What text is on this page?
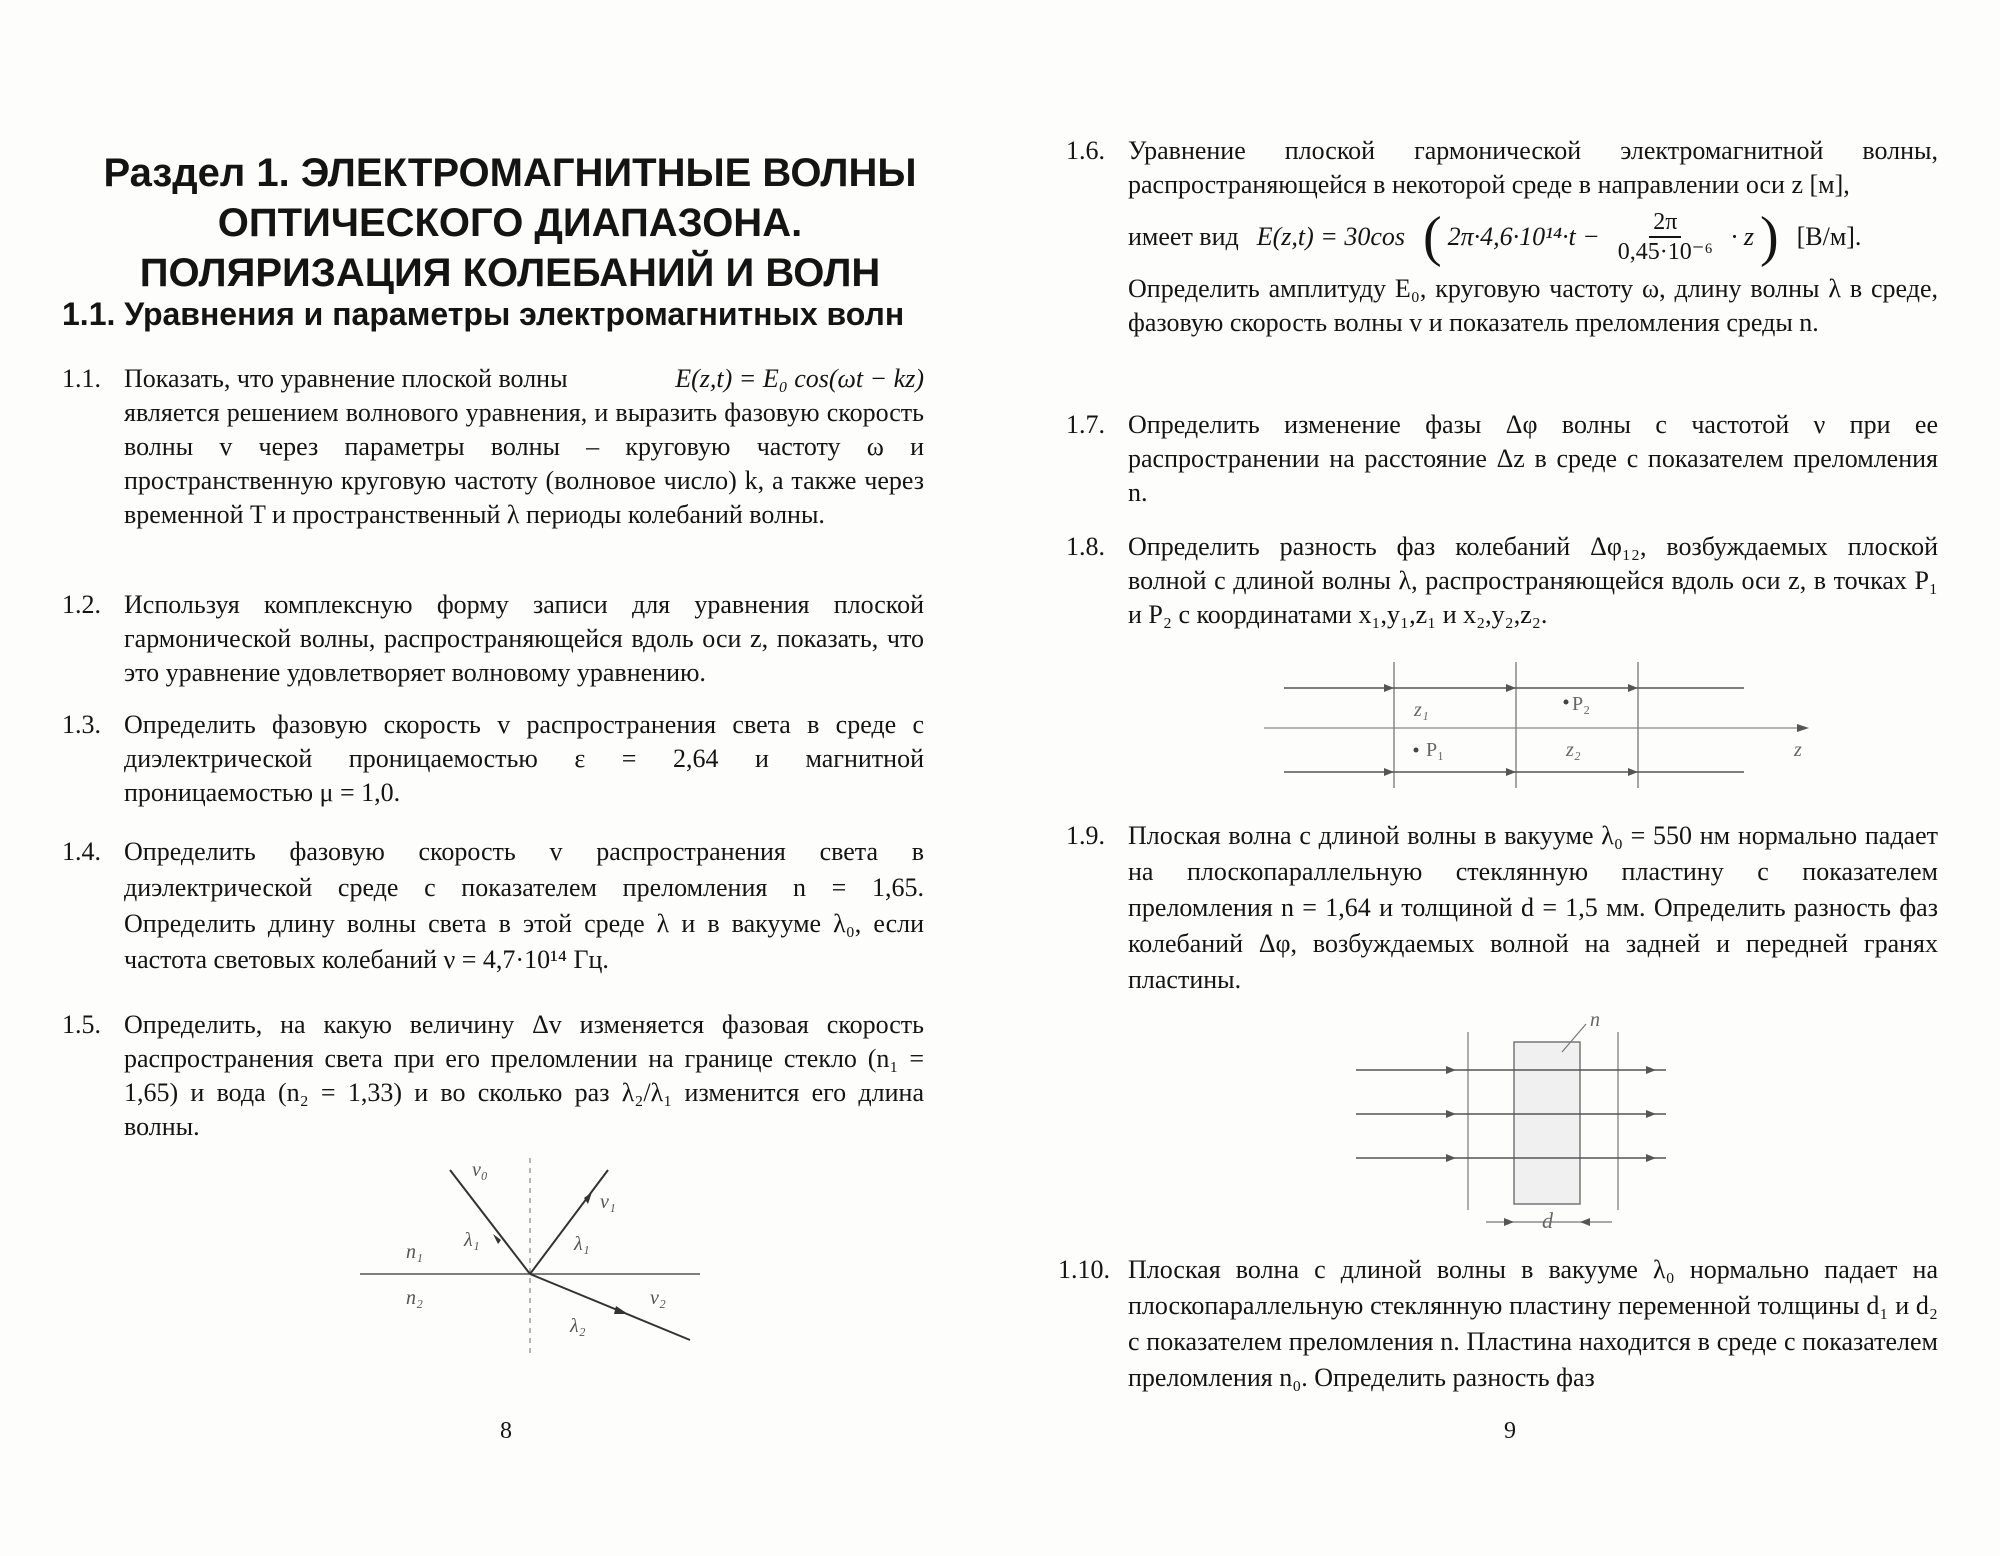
Раздел 1. ЭЛЕКТРОМАГНИТНЫЕ ВОЛНЫ
ОПТИЧЕСКОГО ДИАПАЗОНА.
ПОЛЯРИЗАЦИЯ КОЛЕБАНИЙ И ВОЛН
1.1. Уравнения и параметры электромагнитных волн
1.1. Показать, что уравнение плоской волны	E(z,t) = E₀ cos(ωt − kz)
является решением волнового уравнения, и выразить фазовую скорость волны v через параметры волны – круговую частоту ω и пространственную круговую частоту (волновое число) k, а также через временной T и пространственный λ периоды колебаний волны.
1.2. Используя комплексную форму записи для уравнения плоской гармонической волны, распространяющейся вдоль оси z, показать, что это уравнение удовлетворяет волновому уравнению.
1.3. Определить фазовую скорость v распространения света в среде с диэлектрической проницаемостью ε = 2,64 и магнитной проницаемостью μ = 1,0.
1.4. Определить фазовую скорость v распространения света в диэлектрической среде с показателем преломления n = 1,65. Определить длину волны света в этой среде λ и в вакууме λ₀, если частота световых колебаний ν = 4,7·10¹⁴ Гц.
1.5. Определить, на какую величину Δv изменяется фазовая скорость распространения света при его преломлении на границе стекло (n₁ = 1,65) и вода (n₂ = 1,33) и во сколько раз λ₂/λ₁ изменится его длина волны.
v₀
v₁
v₂
λ₁	λ₁
λ₂
n₁
n₂
8
1.6. Уравнение плоской гармонической электромагнитной волны, распространяющейся в некоторой среде в направлении оси z [м],
имеет вид E(z,t) = 30cos ( $2\pi\cdot 4,6\cdot 10^{14}\cdot t - \frac{2\pi}{\text{0,45·10⁻⁶}} \cdot z$ ) [В/м].
Определить амплитуду E₀, круговую частоту ω, длину волны λ в среде, фазовую скорость волны v и показатель преломления среды n.
1.7. Определить изменение фазы Δφ волны с частотой ν при ее распространении на расстояние Δz в среде с показателем преломления n.
1.8. Определить разность фаз колебаний Δφ₁₂, возбуждаемых плоской волной с длиной волны λ, распространяющейся вдоль оси z, в точках P₁ и P₂ с координатами x₁,y₁,z₁ и x₂,y₂,z₂.
z₁	P₂
P₁	z₂	z
1.9. Плоская волна с длиной волны в вакууме λ₀ = 550 нм нормально падает на плоскопараллельную стеклянную пластину с показателем преломления n = 1,64 и толщиной d = 1,5 мм. Определить разность фаз колебаний Δφ, возбуждаемых волной на задней и передней гранях пластины.
n
d
1.10. Плоская волна с длиной волны в вакууме λ₀ нормально падает на плоскопараллельную стеклянную пластину переменной толщины d₁ и d₂ с показателем преломления n. Пластина находится в среде с показателем преломления n₀. Определить разность фаз
9
